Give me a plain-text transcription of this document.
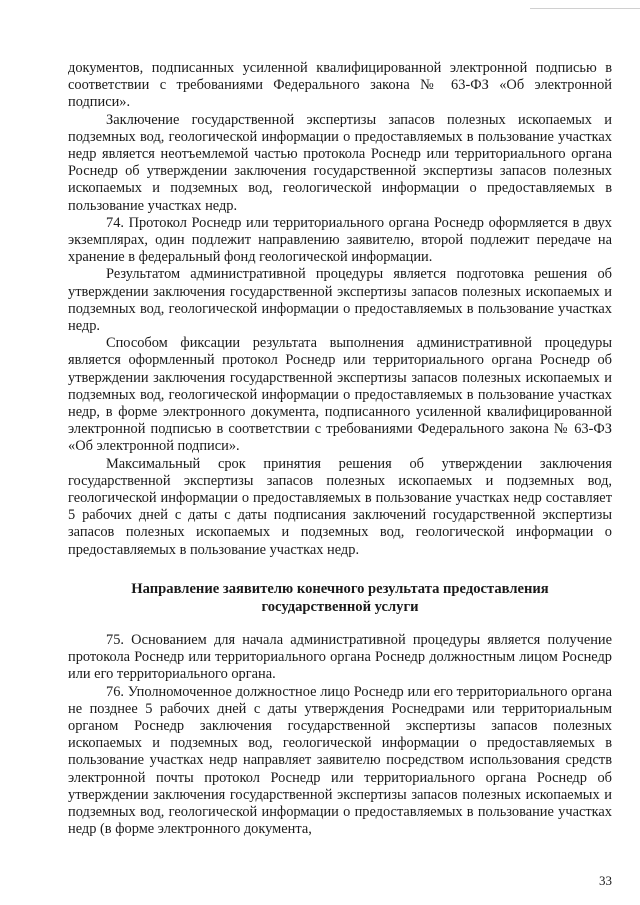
документов, подписанных усиленной квалифицированной электронной подписью в соответствии с требованиями Федерального закона № 63-ФЗ «Об электронной подписи».

Заключение государственной экспертизы запасов полезных ископаемых и подземных вод, геологической информации о предоставляемых в пользование участках недр является неотъемлемой частью протокола Роснедр или территориального органа Роснедр об утверждении заключения государственной экспертизы запасов полезных ископаемых и подземных вод, геологической информации о предоставляемых в пользование участках недр.

74. Протокол Роснедр или территориального органа Роснедр оформляется в двух экземплярах, один подлежит направлению заявителю, второй подлежит передаче на хранение в федеральный фонд геологической информации.

Результатом административной процедуры является подготовка решения об утверждении заключения государственной экспертизы запасов полезных ископаемых и подземных вод, геологической информации о предоставляемых в пользование участках недр.

Способом фиксации результата выполнения административной процедуры является оформленный протокол Роснедр или территориального органа Роснедр об утверждении заключения государственной экспертизы запасов полезных ископаемых и подземных вод, геологической информации о предоставляемых в пользование участках недр, в форме электронного документа, подписанного усиленной квалифицированной электронной подписью в соответствии с требованиями Федерального закона № 63-ФЗ «Об электронной подписи».

Максимальный срок принятия решения об утверждении заключения государственной экспертизы запасов полезных ископаемых и подземных вод, геологической информации о предоставляемых в пользование участках недр составляет 5 рабочих дней с даты с даты подписания заключений государственной экспертизы запасов полезных ископаемых и подземных вод, геологической информации о предоставляемых в пользование участках недр.

Направление заявителю конечного результата предоставления
государственной услуги

75. Основанием для начала административной процедуры является получение протокола Роснедр или территориального органа Роснедр должностным лицом Роснедр или его территориального органа.

76. Уполномоченное должностное лицо Роснедр или его территориального органа не позднее 5 рабочих дней с даты утверждения Роснедрами или территориальным органом Роснедр заключения государственной экспертизы запасов полезных ископаемых и подземных вод, геологической информации о предоставляемых в пользование участках недр направляет заявителю посредством использования средств электронной почты протокол Роснедр или территориального органа Роснедр об утверждении заключения государственной экспертизы запасов полезных ископаемых и подземных вод, геологической информации о предоставляемых в пользование участках недр (в форме электронного документа,

33
